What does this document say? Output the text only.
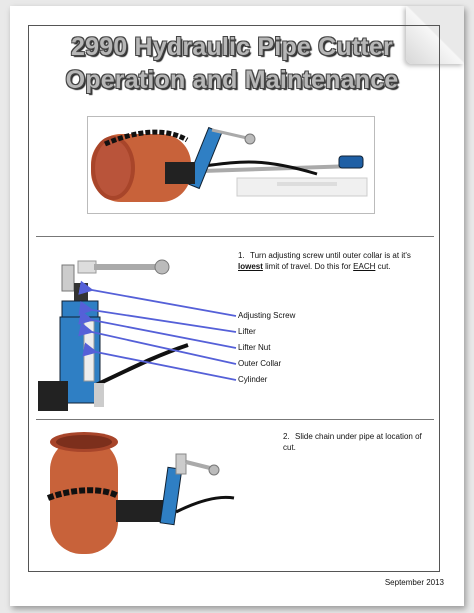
2990 Hydraulic Pipe Cutter
Operation and Maintenance
1. Turn adjusting screw until outer collar is at it's lowest limit of travel. Do this for EACH cut.
Adjusting Screw
Lifter
Lifter Nut
Outer Collar
Cylinder
2. Slide chain under pipe at location of cut.
September 2013
